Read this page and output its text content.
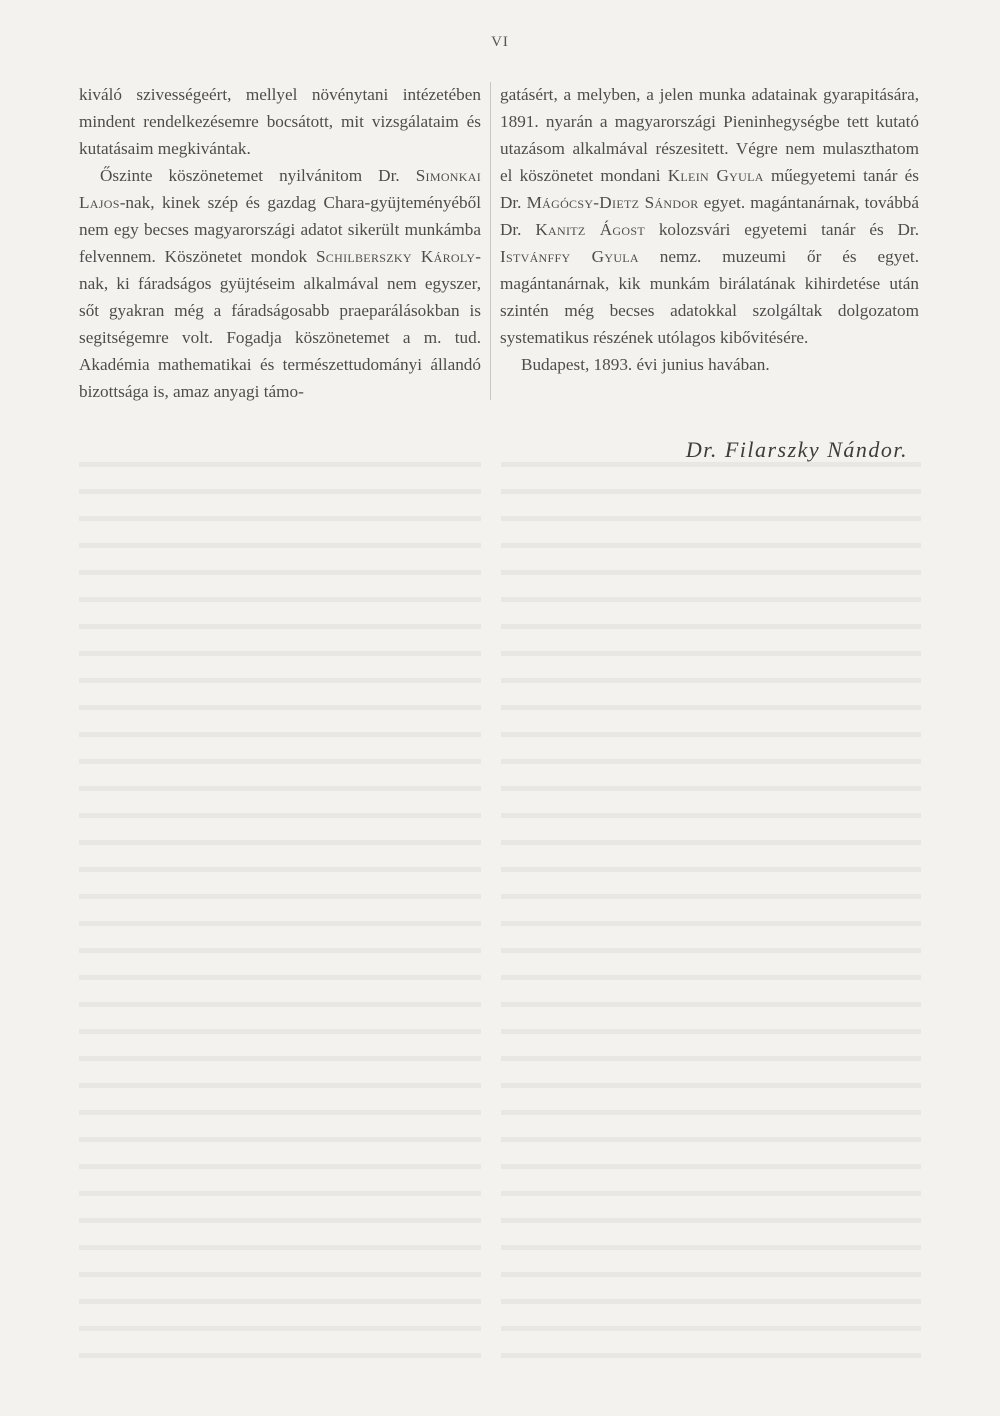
VI

kiváló szivességeért, mellyel növénytani intézetében mindent rendelkezésemre bocsátott, mit vizsgálataim és kutatásaim megkivántak.

Őszinte köszönetemet nyilvánitom Dr. Simonkai Lajos-nak, kinek szép és gazdag Chara-gyüjteményéből nem egy becses magyarországi adatot sikerült munkámba felvennem. Köszönetet mondok Schilberszky Károly-nak, ki fáradságos gyüjtéseim alkalmával nem egyszer, sőt gyakran még a fáradságosabb praeparálásokban is segitségemre volt. Fogadja köszönetemet a m. tud. Akadémia mathematikai és természettudományi állandó bizottsága is, amaz anyagi támo-

gatásért, a melyben, a jelen munka adatainak gyarapitására, 1891. nyarán a magyarországi Pieninhegységbe tett kutató utazásom alkalmával részesitett. Végre nem mulaszthatom el köszönetet mondani Klein Gyula műegyetemi tanár és Dr. Mágócsy-Dietz Sándor egyet. magántanárnak, továbbá Dr. Kanitz Ágost kolozsvári egyetemi tanár és Dr. Istvánffy Gyula nemz. muzeumi őr és egyet. magántanárnak, kik munkám birálatának kihirdetése után szintén még becses adatokkal szolgáltak dolgozatom systematikus részének utólagos kibővitésére.

Budapest, 1893. évi junius havában.

Dr. Filarszky Nándor.
